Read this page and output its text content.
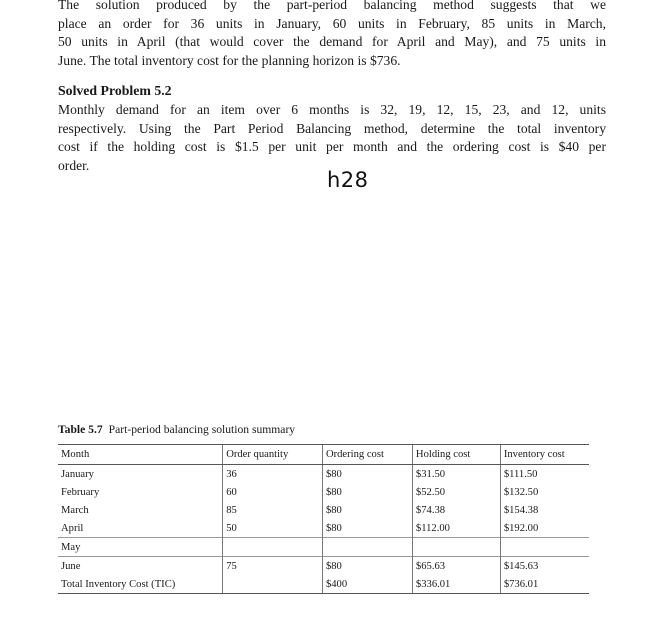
The solution produced by the part-period balancing method suggests that we
place an order for 36 units in January, 60 units in February, 85 units in March,
50 units in April (that would cover the demand for April and May), and 75 units in
June. The total inventory cost for the planning horizon is $736.

Solved Problem 5.2

Monthly demand for an item over 6 months is 32, 19, 12, 15, 23, and 12, units
respectively. Using the Part Period Balancing method, determine the total inventory
cost if the holding cost is $1.5 per unit per month and the ordering cost is $40 per
order.
h28
Table 5.7 Part-period balancing solution summary
Month	Order quantity	Ordering cost	Holding cost	Inventory cost
January	36	$80	$31.50	$111.50
February	60	$80	$52.50	$132.50
March	85	$80	$74.38	$154.38
April	50	$80	$112.00	$192.00
May				
June	75	$80	$65.63	$145.63
Total Inventory Cost (TIC)		$400	$336.01	$736.01
